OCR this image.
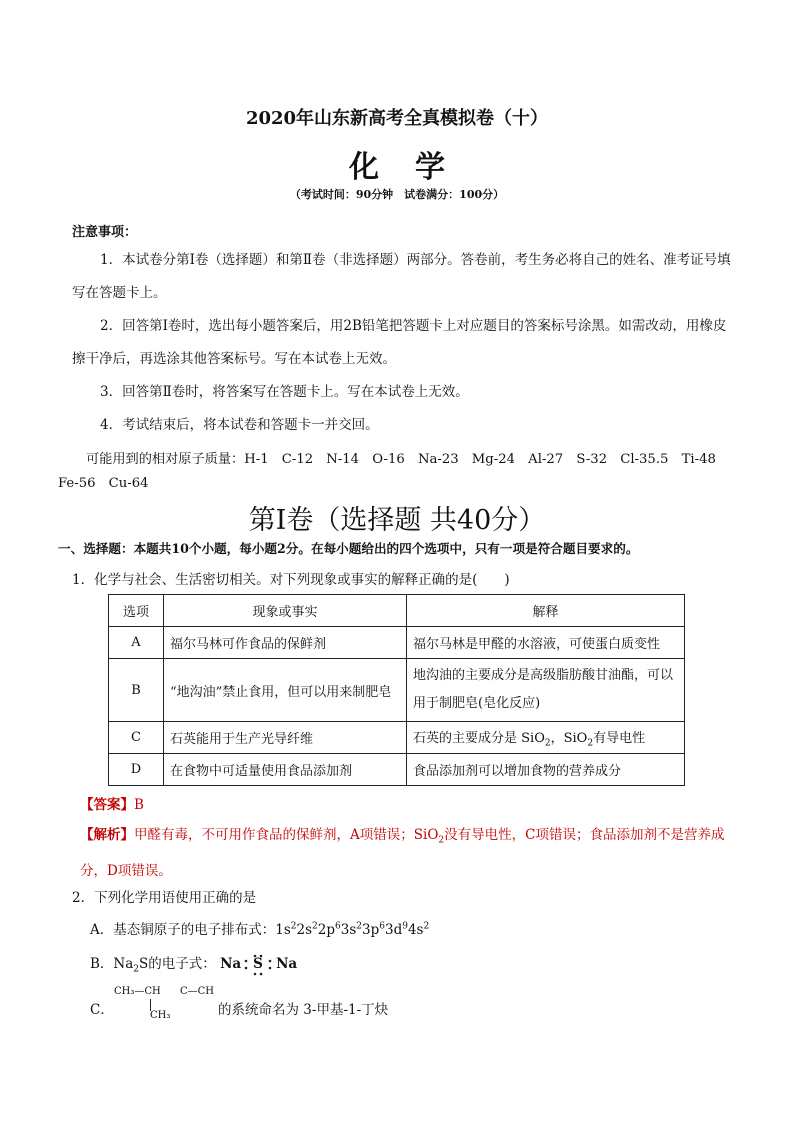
2020年山东新高考全真模拟卷（十）
化学
（考试时间：90分钟　试卷满分：100分）
注意事项：
1．本试卷分第Ⅰ卷（选择题）和第Ⅱ卷（非选择题）两部分。答卷前，考生务必将自己的姓名、准考证号填写在答题卡上。
2．回答第Ⅰ卷时，选出每小题答案后，用2B铅笔把答题卡上对应题目的答案标号涂黑。如需改动，用橡皮擦干净后，再选涂其他答案标号。写在本试卷上无效。
3．回答第Ⅱ卷时，将答案写在答题卡上。写在本试卷上无效。
4．考试结束后，将本试卷和答题卡一并交回。
可能用到的相对原子质量：H-1　C-12　N-14　O-16　Na-23　Mg-24　Al-27　S-32　Cl-35.5　Ti-48　Fe-56　Cu-64
第Ⅰ卷（选择题 共40分）
一、选择题：本题共10个小题，每小题2分。在每小题给出的四个选项中，只有一项是符合题目要求的。
1．化学与社会、生活密切相关。对下列现象或事实的解释正确的是(　　)
选项	现象或事实	解释
A	福尔马林可作食品的保鲜剂	福尔马林是甲醛的水溶液，可使蛋白质变性
B	“地沟油”禁止食用，但可以用来制肥皂	地沟油的主要成分是高级脂肪酸甘油酯，可以用于制肥皂(皂化反应)
C	石英能用于生产光导纤维	石英的主要成分是 SiO$_2$，SiO$_2$有导电性
D	在食物中可适量使用食品添加剂	食品添加剂可以增加食物的营养成分
【答案】B
【解析】甲醛有毒，不可用作食品的保鲜剂，A项错误；SiO$_2$没有导电性，C项错误；食品添加剂不是营养成分，D项错误。
2．下列化学用语使用正确的是
A．基态铜原子的电子排布式：$1s^22s^22p^63s^23p^63d^94s^2$
B．$Na_2S$的电子式： Na S Na
C．
CH₃—CH C—CH
CH₃	的系统命名为 3-甲基-1-丁炔
